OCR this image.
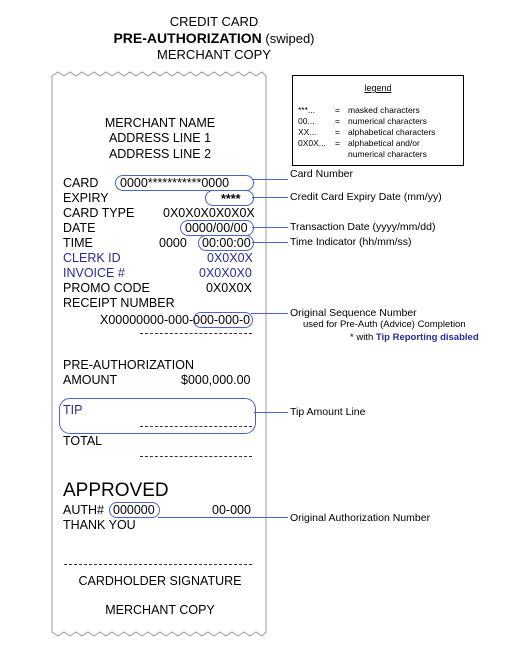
CREDIT CARD
PRE-AUTHORIZATION (swiped)
MERCHANT COPY
legend
***... = masked characters
00... = numerical characters
XX... = alphabetical characters
0X0X... = alphabetical and/or
numerical characters
MERCHANT NAME
ADDRESS LINE 1
ADDRESS LINE 2
CARD 0000***********0000
EXPIRY	****
CARD TYPE 0X0X0X0X0X0X
DATE	0000/00/00
TIME	0000 00:00:00
CLERK ID	0X0X0X
INVOICE #	0X0X0X0
PROMO CODE	0X0X0X
RECEIPT NUMBER
X00000000-000-000-000-0
PRE-AUTHORIZATION
AMOUNT	$000,000.00
TIP
TOTAL
APPROVED
AUTH# 000000	00-000
THANK YOU
CARDHOLDER SIGNATURE
MERCHANT COPY
Card Number
Credit Card Expiry Date (mm/yy)
Transaction Date (yyyy/mm/dd)
Time Indicator (hh/mm/ss)
Original Sequence Number
used for Pre-Auth (Advice) Completion
* with Tip Reporting disabled
Tip Amount Line
Original Authorization Number
